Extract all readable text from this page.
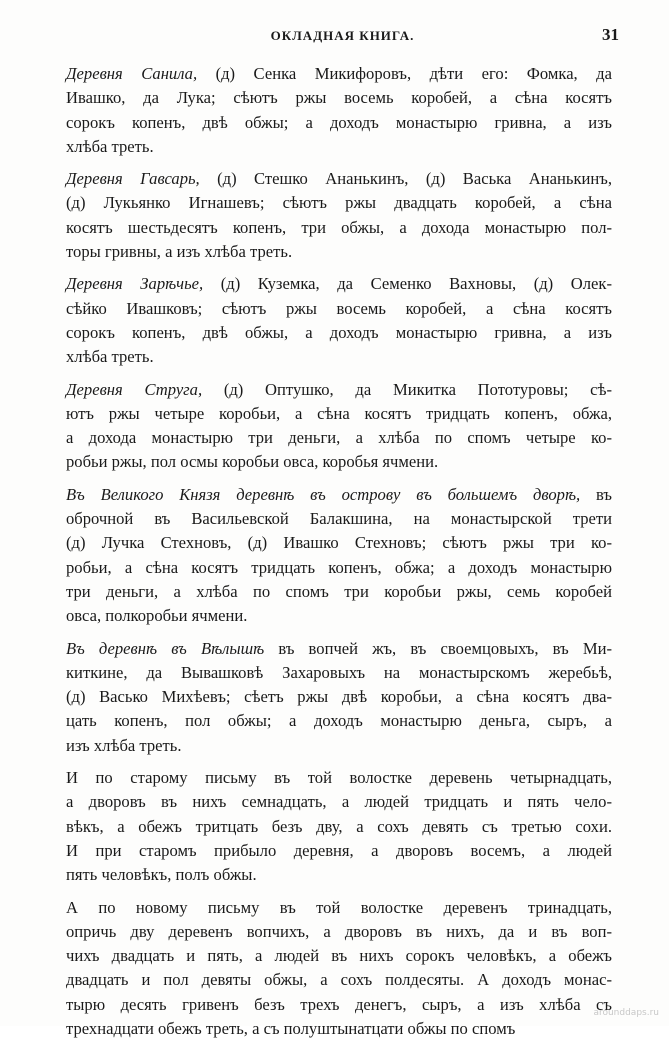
ОКЛАДНАЯ КНИГА.	31
Деревня Санила, (д) Сенка Микифоровъ, дѣти его: Фомка, да
Ивашко, да Лука; сѣютъ ржы восемь коробей, а сѣна косятъ
сорокъ копенъ, двѣ обжы; а доходъ монастырю гривна, а изъ
хлѣба треть.
Деревня Гавсарь, (д) Стешко Ананькинъ, (д) Васька Ананькинъ,
(д) Лукьянко Игнашевъ; сѣютъ ржы двадцать коробей, а сѣна
косятъ шестьдесятъ копенъ, три обжы, а дохода монастырю пол-
торы гривны, а изъ хлѣба треть.
Деревня Зарѣчье, (д) Куземка, да Семенко Вахновы, (д) Олек-
сѣйко Ивашковъ; сѣютъ ржы восемь коробей, а сѣна косятъ
сорокъ копенъ, двѣ обжы, а доходъ монастырю гривна, а изъ
хлѣба треть.
Деревня Струга, (д) Оптушко, да Микитка Пототуровы; сѣ-
ютъ ржы четыре коробьи, а сѣна косятъ тридцать копенъ, обжа,
а дохода монастырю три деньги, а хлѣба по спомъ четыре ко-
робьи ржы, пол осмы коробьи овса, коробья ячмени.
Въ Великого Князя деревнѣ въ острову въ большемъ дворѣ, въ
оброчной въ Васильевской Балакшина, на монастырской трети
(д) Лучка Стехновъ, (д) Ивашко Стехновъ; сѣютъ ржы три ко-
робьи, а сѣна косятъ тридцать копенъ, обжа; а доходъ монастырю
три деньги, а хлѣба по спомъ три коробьи ржы, семь коробей
овса, полкоробьи ячмени.
Въ деревнѣ въ Вѣлышѣ въ вопчей жъ, въ своемцовыхъ, въ Ми-
киткине, да Вывашковѣ Захаровыхъ на монастырскомъ жеребьѣ,
(д) Васько Михѣевъ; сѣетъ ржы двѣ коробьи, а сѣна косятъ два-
цать копенъ, пол обжы; а доходъ монастырю деньга, сыръ, а
изъ хлѣба треть.
И по старому письму въ той волостке деревень четырнадцать,
а дворовъ въ нихъ семнадцать, а людей тридцать и пять чело-
вѣкъ, а обежъ тритцать безъ дву, а сохъ девять съ третью сохи.
И при старомъ прибыло деревня, а дворовъ восемъ, а людей
пять человѣкъ, полъ обжы.
А по новому письму въ той волостке деревенъ тринадцать,
опричь дву деревенъ вопчихъ, а дворовъ въ нихъ, да и въ воп-
чихъ двадцать и пять, а людей въ нихъ сорокъ человѣкъ, а обежъ
двадцать и пол девяты обжы, а сохъ полдесяты. А доходъ монас-
тырю десять гривенъ безъ трехъ денегъ, сыръ, а изъ хлѣба съ
трехнадцати обежъ треть, а съ полуштынатцати обжы по спомъ
arounddaps.ru
